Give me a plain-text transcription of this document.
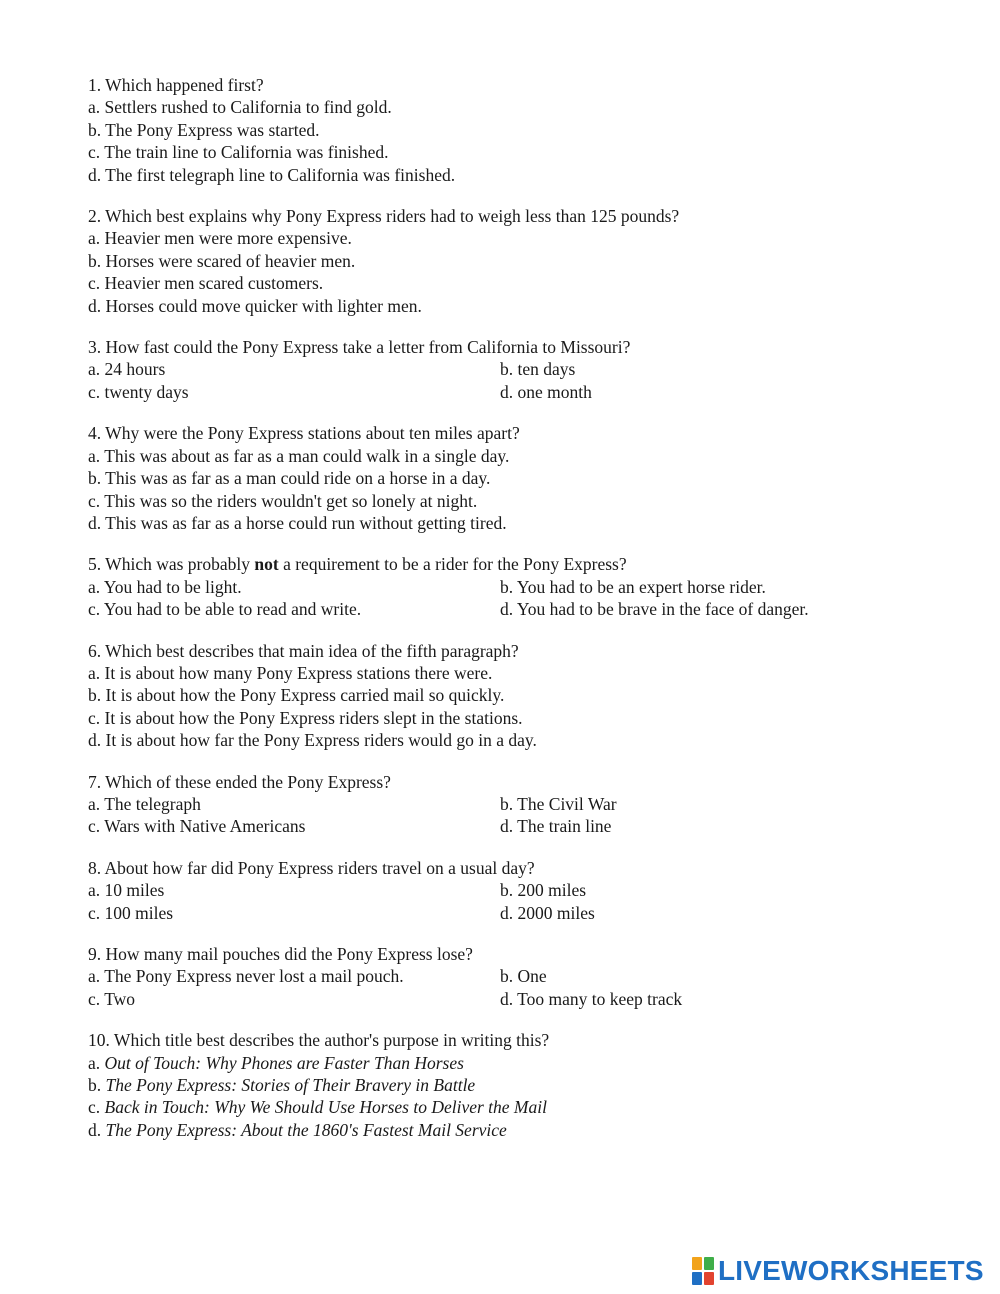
1. Which happened first?
a. Settlers rushed to California to find gold.
b. The Pony Express was started.
c. The train line to California was finished.
d. The first telegraph line to California was finished.
2. Which best explains why Pony Express riders had to weigh less than 125 pounds?
a. Heavier men were more expensive.
b. Horses were scared of heavier men.
c. Heavier men scared customers.
d. Horses could move quicker with lighter men.
3. How fast could the Pony Express take a letter from California to Missouri?
a. 24 hours	b. ten days
c. twenty days	d. one month
4. Why were the Pony Express stations about ten miles apart?
a. This was about as far as a man could walk in a single day.
b. This was as far as a man could ride on a horse in a day.
c. This was so the riders wouldn't get so lonely at night.
d. This was as far as a horse could run without getting tired.
5. Which was probably not a requirement to be a rider for the Pony Express?
a. You had to be light.	b. You had to be an expert horse rider.
c. You had to be able to read and write.	d. You had to be brave in the face of danger.
6. Which best describes that main idea of the fifth paragraph?
a. It is about how many Pony Express stations there were.
b. It is about how the Pony Express carried mail so quickly.
c. It is about how the Pony Express riders slept in the stations.
d. It is about how far the Pony Express riders would go in a day.
7. Which of these ended the Pony Express?
a. The telegraph	b. The Civil War
c. Wars with Native Americans	d. The train line
8. About how far did Pony Express riders travel on a usual day?
a. 10 miles	b. 200 miles
c. 100 miles	d. 2000 miles
9. How many mail pouches did the Pony Express lose?
a. The Pony Express never lost a mail pouch.	b. One
c. Two	d. Too many to keep track
10. Which title best describes the author's purpose in writing this?
a. Out of Touch: Why Phones are Faster Than Horses
b. The Pony Express: Stories of Their Bravery in Battle
c. Back in Touch: Why We Should Use Horses to Deliver the Mail
d. The Pony Express: About the 1860's Fastest Mail Service
LIVEWORKSHEETS
